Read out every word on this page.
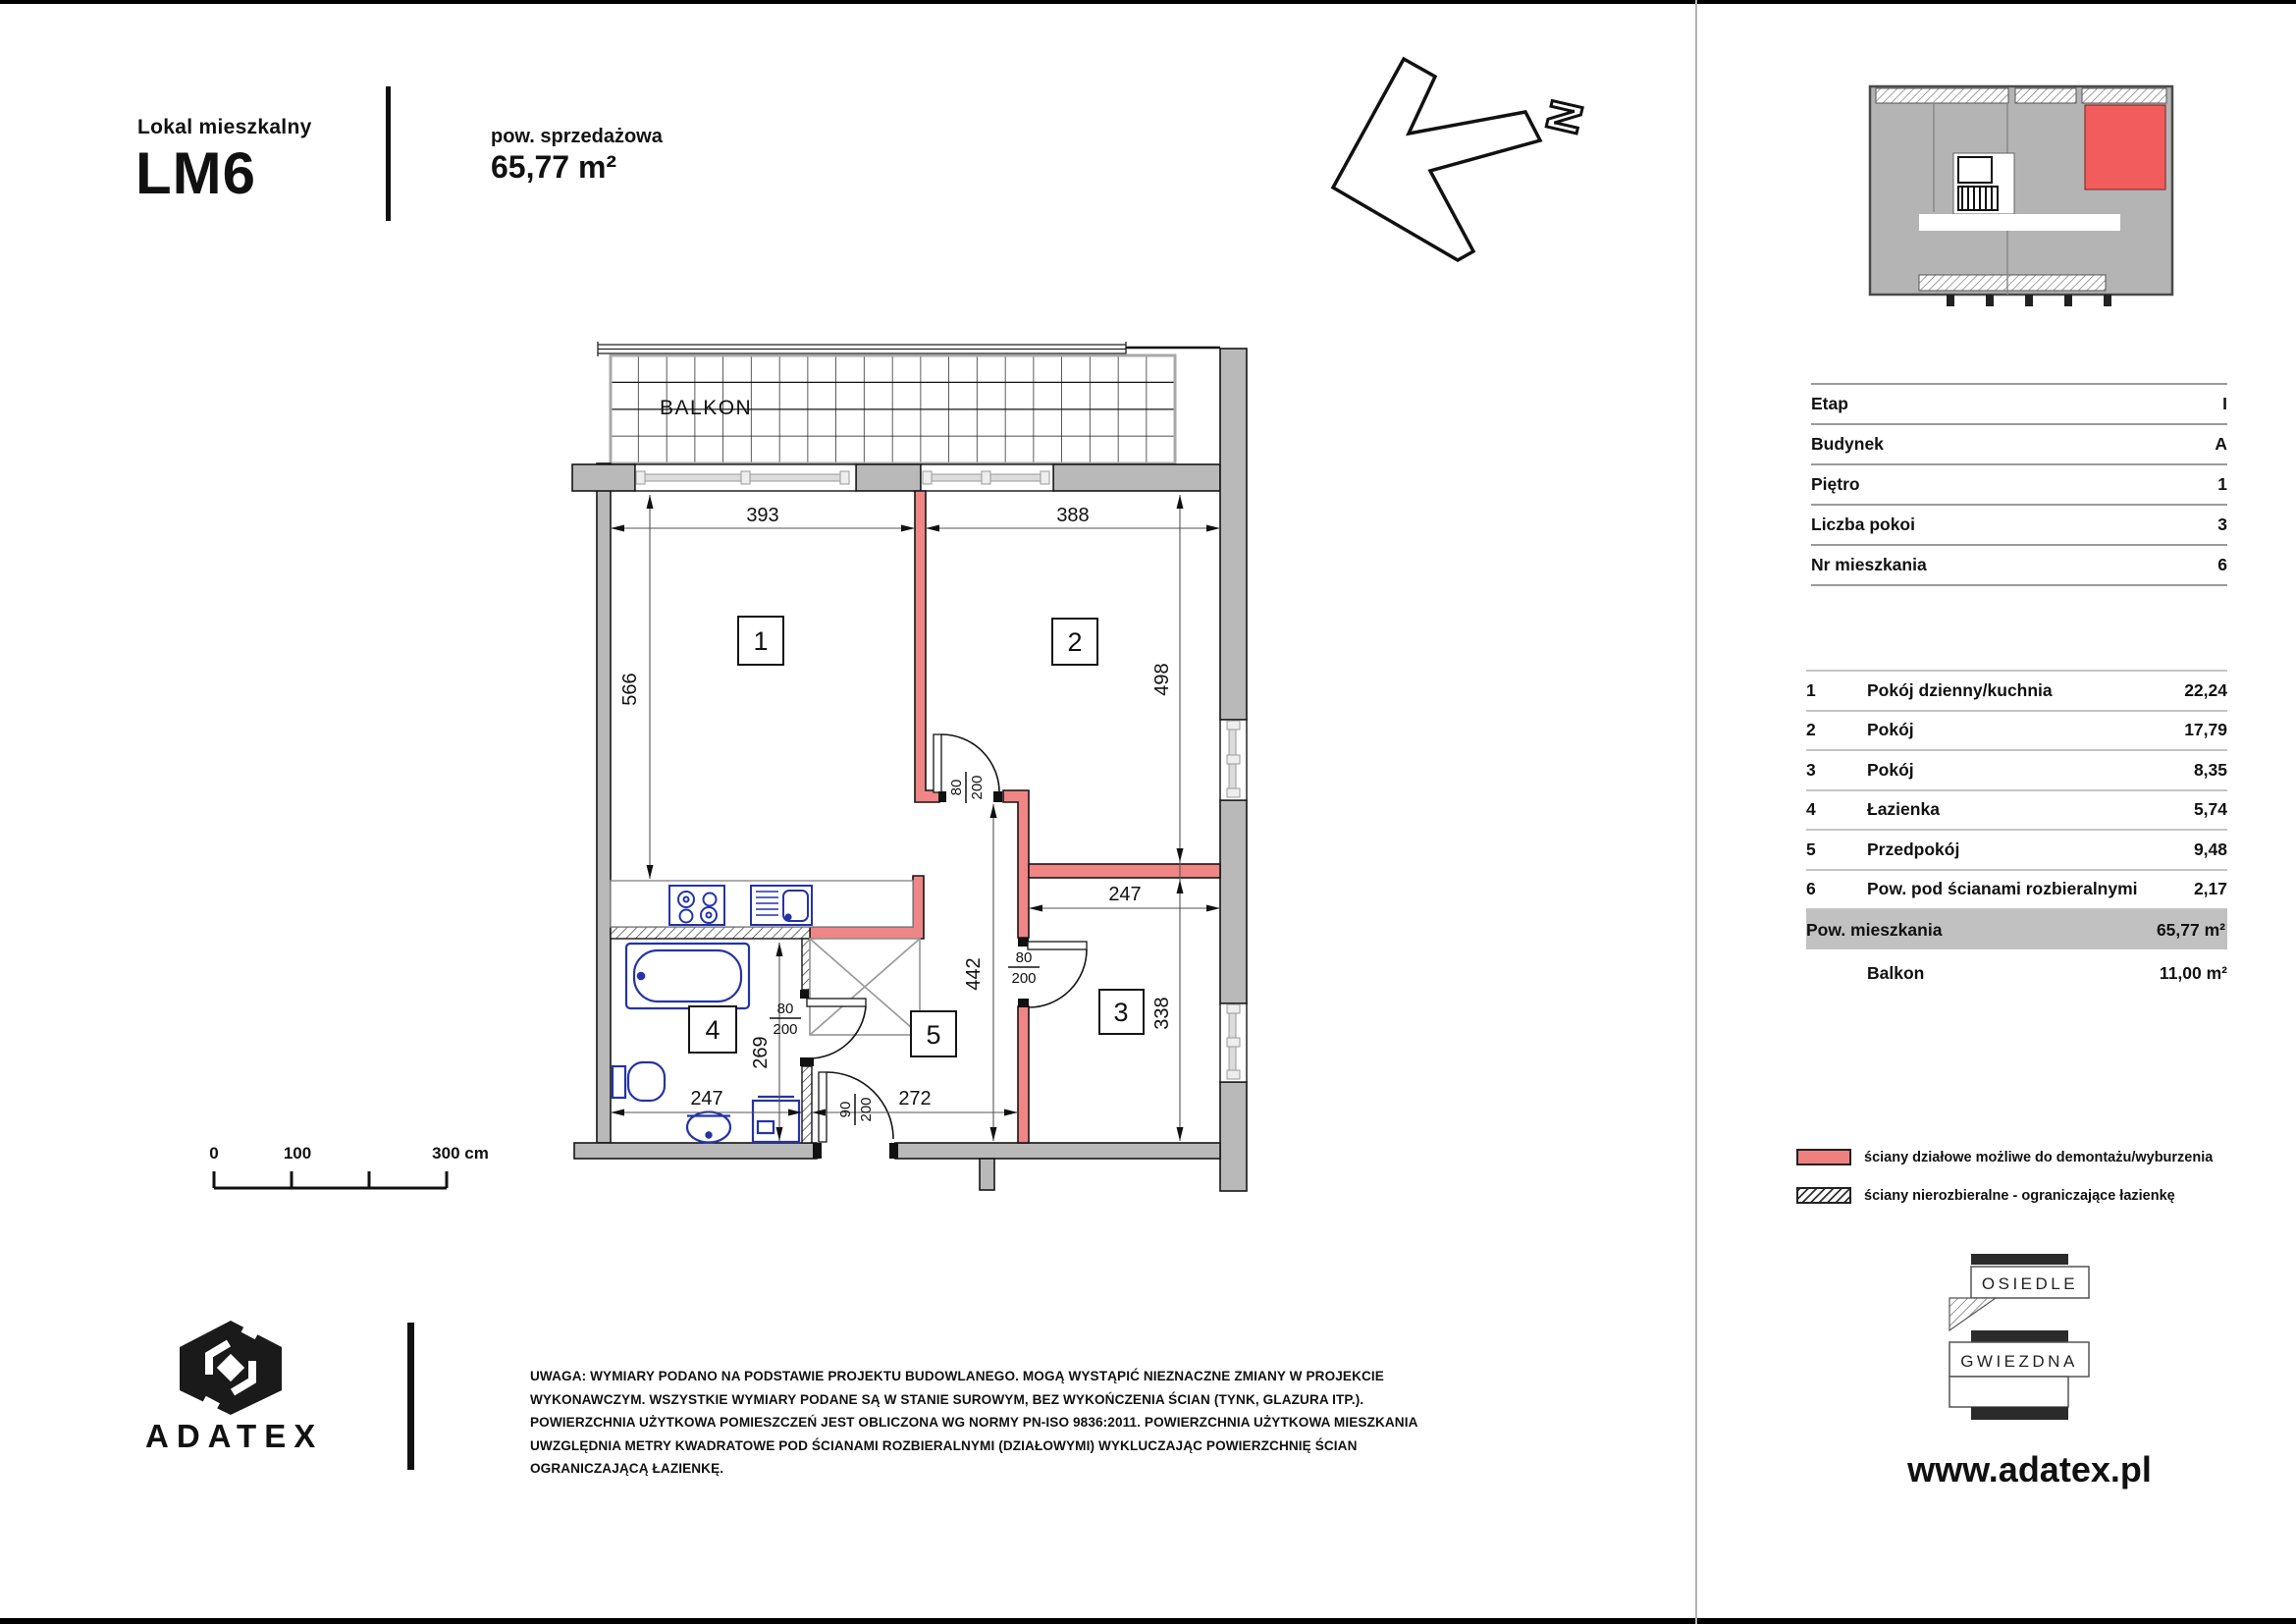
Lokal mieszkalny
LM6
pow. sprzedażowa
65,77 m²
N
Etap	I
Budynek	A
Piętro	1
Liczba pokoi	3
Nr mieszkania	6
1	Pokój dzienny/kuchnia	22,24
2	Pokój	17,79
3	Pokój	8,35
4	Łazienka	5,74
5	Przedpokój	9,48
6	Pow. pod ścianami rozbieralnymi	2,17
Pow. mieszkania	65,77 m²
Balkon	11,00 m²
ściany działowe możliwe do demontażu/wyburzenia
ściany nierozbieralne - ograniczające łazienkę
BALKON
393	388
566	498
338
442
247
247	272
269
80 200
80
200
80
200
90 200
1	2
3
4	5
0	100	300 cm
ADATEX
UWAGA: WYMIARY PODANO NA PODSTAWIE PROJEKTU BUDOWLANEGO. MOGĄ WYSTĄPIĆ NIEZNACZNE ZMIANY W PROJEKCIE WYKONAWCZYM. WSZYSTKIE WYMIARY PODANE SĄ W STANIE SUROWYM, BEZ WYKOŃCZENIA ŚCIAN (TYNK, GLAZURA ITP.). POWIERZCHNIA UŻYTKOWA POMIESZCZEŃ JEST OBLICZONA WG NORMY PN-ISO 9836:2011. POWIERZCHNIA UŻYTKOWA MIESZKANIA UWZGLĘDNIA METRY KWADRATOWE POD ŚCIANAMI ROZBIERALNYMI (DZIAŁOWYMI) WYKLUCZAJĄC POWIERZCHNIĘ ŚCIAN OGRANICZAJĄCĄ ŁAZIENKĘ.
OSIEDLE
GWIEZDNA
www.adatex.pl
